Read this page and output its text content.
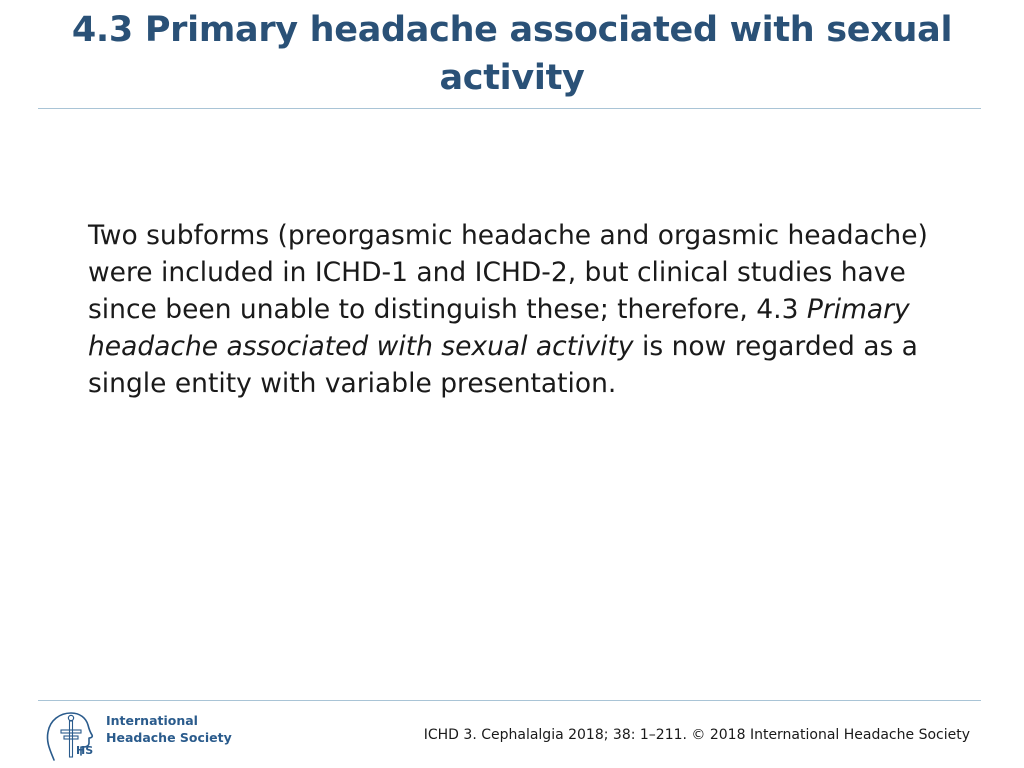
4.3 Primary headache associated with sexual activity

Two subforms (preorgasmic headache and orgasmic headache) were included in ICHD-1 and ICHD-2, but clinical studies have since been unable to distinguish these; therefore, 4.3 Primary headache associated with sexual activity is now regarded as a single entity with variable presentation.

HS
International
Headache Society	ICHD 3. Cephalalgia 2018; 38: 1–211. © 2018 International Headache Society
